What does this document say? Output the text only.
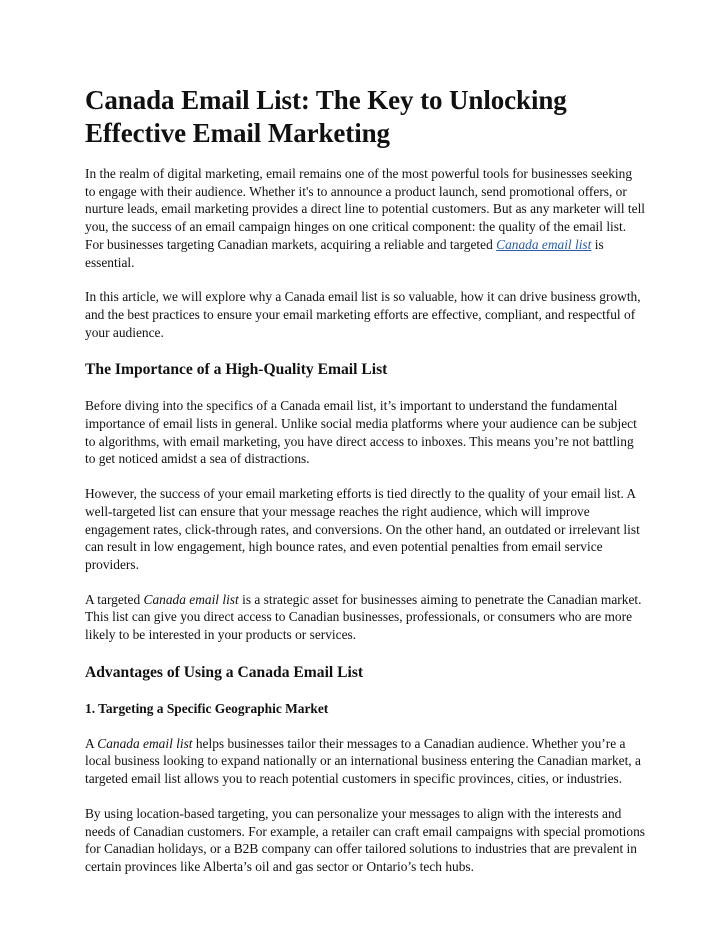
Canada Email List: The Key to Unlocking Effective Email Marketing

In the realm of digital marketing, email remains one of the most powerful tools for businesses seeking to engage with their audience. Whether it's to announce a product launch, send promotional offers, or nurture leads, email marketing provides a direct line to potential customers. But as any marketer will tell you, the success of an email campaign hinges on one critical component: the quality of the email list. For businesses targeting Canadian markets, acquiring a reliable and targeted Canada email list is essential.

In this article, we will explore why a Canada email list is so valuable, how it can drive business growth, and the best practices to ensure your email marketing efforts are effective, compliant, and respectful of your audience.

The Importance of a High-Quality Email List

Before diving into the specifics of a Canada email list, it’s important to understand the fundamental importance of email lists in general. Unlike social media platforms where your audience can be subject to algorithms, with email marketing, you have direct access to inboxes. This means you’re not battling to get noticed amidst a sea of distractions.

However, the success of your email marketing efforts is tied directly to the quality of your email list. A well-targeted list can ensure that your message reaches the right audience, which will improve engagement rates, click-through rates, and conversions. On the other hand, an outdated or irrelevant list can result in low engagement, high bounce rates, and even potential penalties from email service providers.

A targeted Canada email list is a strategic asset for businesses aiming to penetrate the Canadian market. This list can give you direct access to Canadian businesses, professionals, or consumers who are more likely to be interested in your products or services.

Advantages of Using a Canada Email List
1. Targeting a Specific Geographic Market

A Canada email list helps businesses tailor their messages to a Canadian audience. Whether you’re a local business looking to expand nationally or an international business entering the Canadian market, a targeted email list allows you to reach potential customers in specific provinces, cities, or industries.

By using location-based targeting, you can personalize your messages to align with the interests and needs of Canadian customers. For example, a retailer can craft email campaigns with special promotions for Canadian holidays, or a B2B company can offer tailored solutions to industries that are prevalent in certain provinces like Alberta’s oil and gas sector or Ontario’s tech hubs.
